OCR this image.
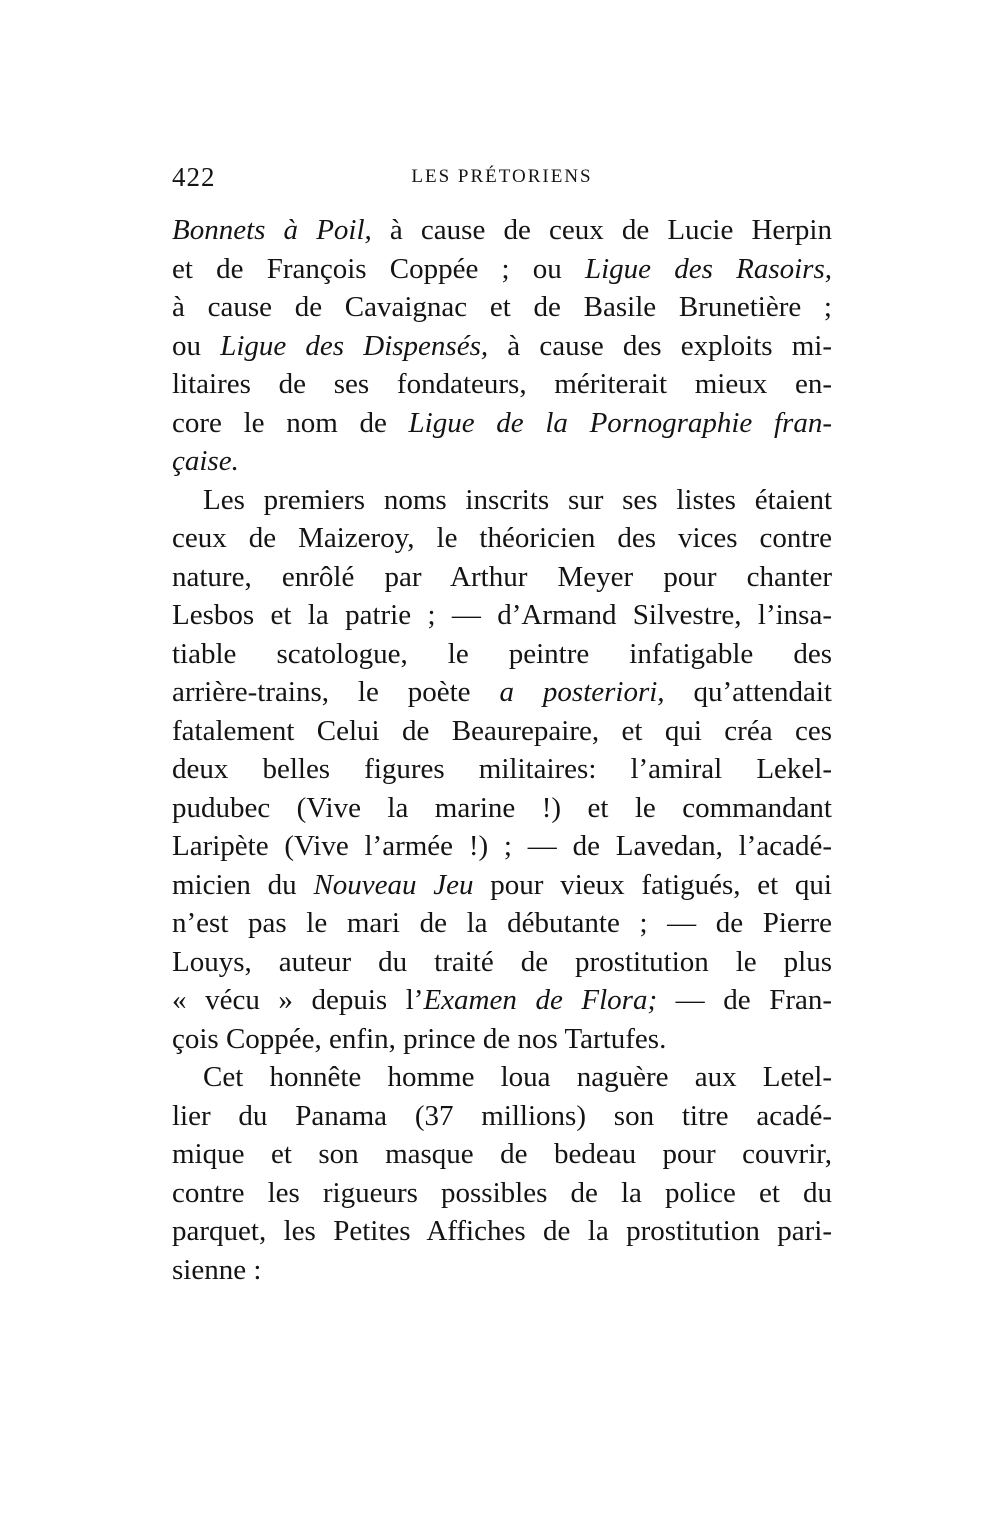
422	LES PRÉTORIENS
Bonnets à Poil, à cause de ceux de Lucie Herpin
et de François Coppée ; ou Ligue des Rasoirs,
à cause de Cavaignac et de Basile Brunetière ;
ou Ligue des Dispensés, à cause des exploits mi-
litaires de ses fondateurs, mériterait mieux en-
core le nom de Ligue de la Pornographie fran-
çaise.
Les premiers noms inscrits sur ses listes étaient
ceux de Maizeroy, le théoricien des vices contre
nature, enrôlé par Arthur Meyer pour chanter
Lesbos et la patrie ; — d’Armand Silvestre, l’insa-
tiable scatologue, le peintre infatigable des
arrière-trains, le poète a posteriori, qu’attendait
fatalement Celui de Beaurepaire, et qui créa ces
deux belles figures militaires: l’amiral Lekel-
pudubec (Vive la marine !) et le commandant
Laripète (Vive l’armée !) ; — de Lavedan, l’acadé-
micien du Nouveau Jeu pour vieux fatigués, et qui
n’est pas le mari de la débutante ; — de Pierre
Louys, auteur du traité de prostitution le plus
« vécu » depuis l’Examen de Flora; — de Fran-
çois Coppée, enfin, prince de nos Tartufes.
Cet honnête homme loua naguère aux Letel-
lier du Panama (37 millions) son titre acadé-
mique et son masque de bedeau pour couvrir,
contre les rigueurs possibles de la police et du
parquet, les Petites Affiches de la prostitution pari-
sienne :
